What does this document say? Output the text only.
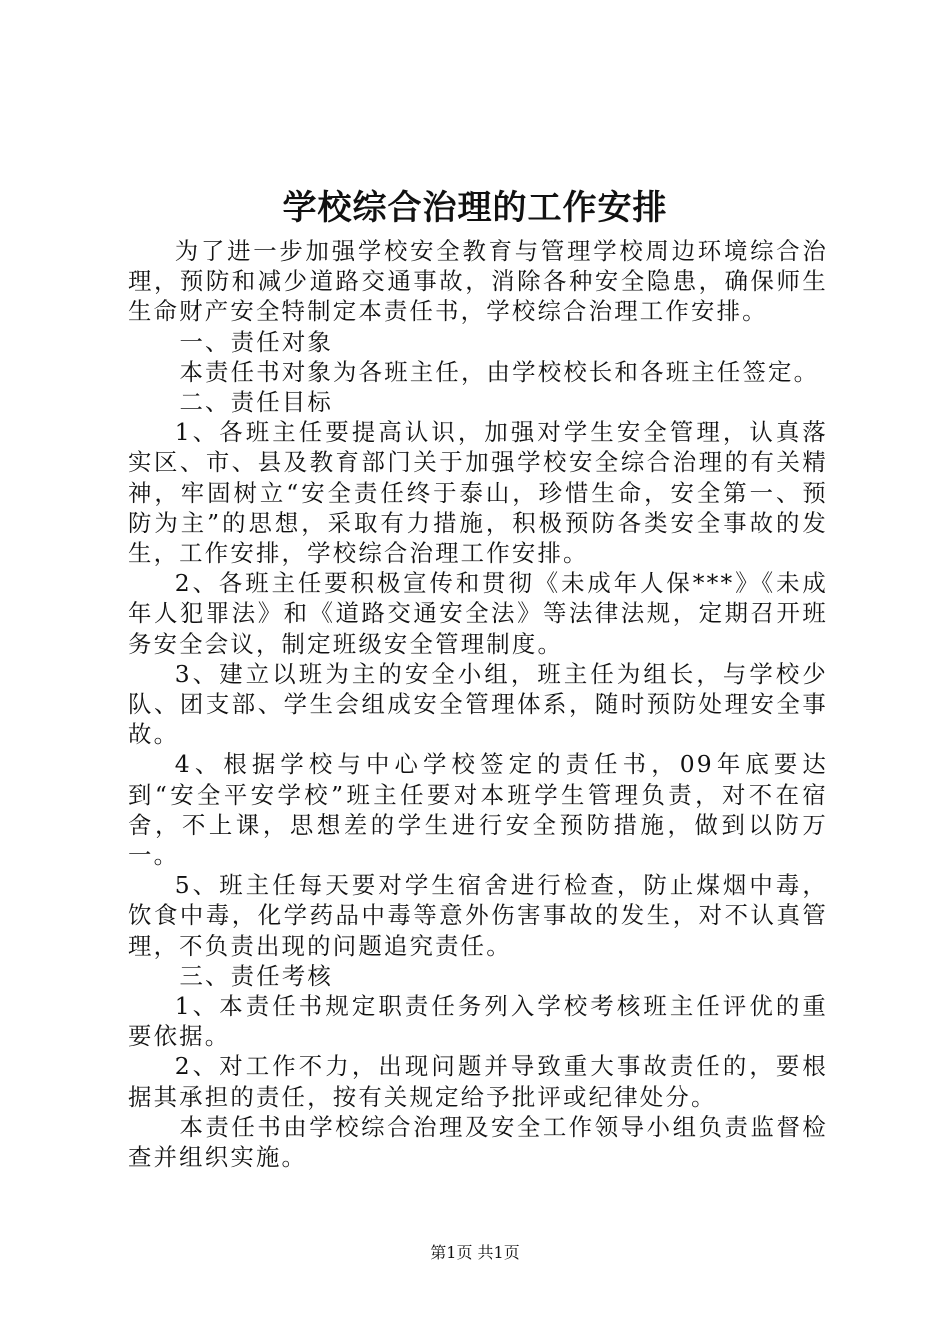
学校综合治理的工作安排

为了进一步加强学校安全教育与管理学校周边环境综合治理，预防和减少道路交通事故，消除各种安全隐患，确保师生生命财产安全特制定本责任书，学校综合治理工作安排。

一、责任对象

本责任书对象为各班主任，由学校校长和各班主任签定。

二、责任目标

1、各班主任要提高认识，加强对学生安全管理，认真落实区、市、县及教育部门关于加强学校安全综合治理的有关精神，牢固树立“安全责任终于泰山，珍惜生命，安全第一、预防为主”的思想，采取有力措施，积极预防各类安全事故的发生，工作安排，学校综合治理工作安排。

2、各班主任要积极宣传和贯彻《未成年人保***》《未成年人犯罪法》和《道路交通安全法》等法律法规，定期召开班务安全会议，制定班级安全管理制度。

3、建立以班为主的安全小组，班主任为组长，与学校少队、团支部、学生会组成安全管理体系，随时预防处理安全事故。

4、根据学校与中心学校签定的责任书，09年底要达到“安全平安学校”班主任要对本班学生管理负责，对不在宿舍，不上课，思想差的学生进行安全预防措施，做到以防万一。

5、班主任每天要对学生宿舍进行检查，防止煤烟中毒，饮食中毒，化学药品中毒等意外伤害事故的发生，对不认真管理，不负责出现的问题追究责任。

三、责任考核

1、本责任书规定职责任务列入学校考核班主任评优的重要依据。

2、对工作不力，出现问题并导致重大事故责任的，要根据其承担的责任，按有关规定给予批评或纪律处分。

本责任书由学校综合治理及安全工作领导小组负责监督检查并组织实施。

第1页 共1页
